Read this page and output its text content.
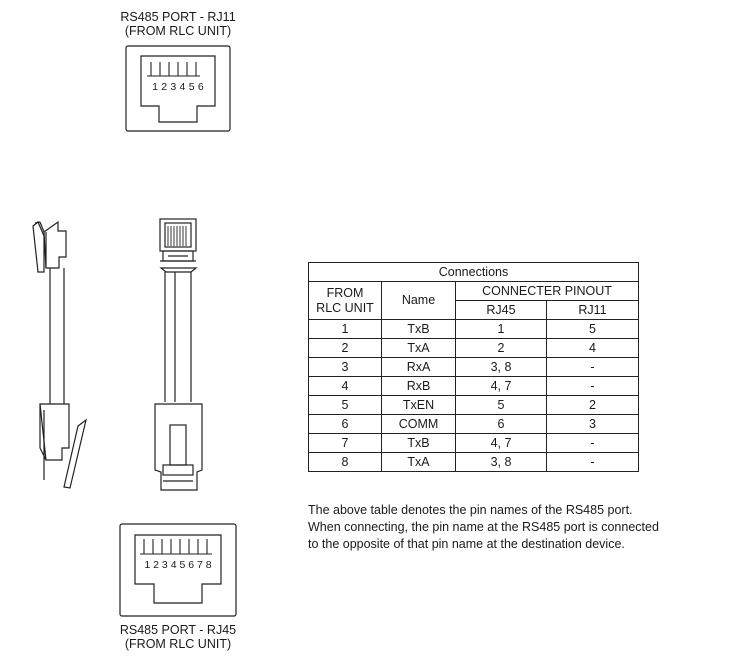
RS485 PORT - RJ11
(FROM RLC UNIT)
1 2 3 4 5 6
1 2 3 4 5 6 7 8
RS485 PORT - RJ45
(FROM RLC UNIT)
Connections			

FROM
RLC UNIT	Name	CONNECTER PINOUT	
		RJ45	RJ11
1	TxB	1	5
2	TxA	2	4
3	RxA	3, 8	-
4	RxB	4, 7	-
5	TxEN	5	2
6	COMM	6	3
7	TxB	4, 7	-
8	TxA	3, 8	-
The above table denotes the pin names of the RS485 port.
When connecting, the pin name at the RS485 port is connected
to the opposite of that pin name at the destination device.
